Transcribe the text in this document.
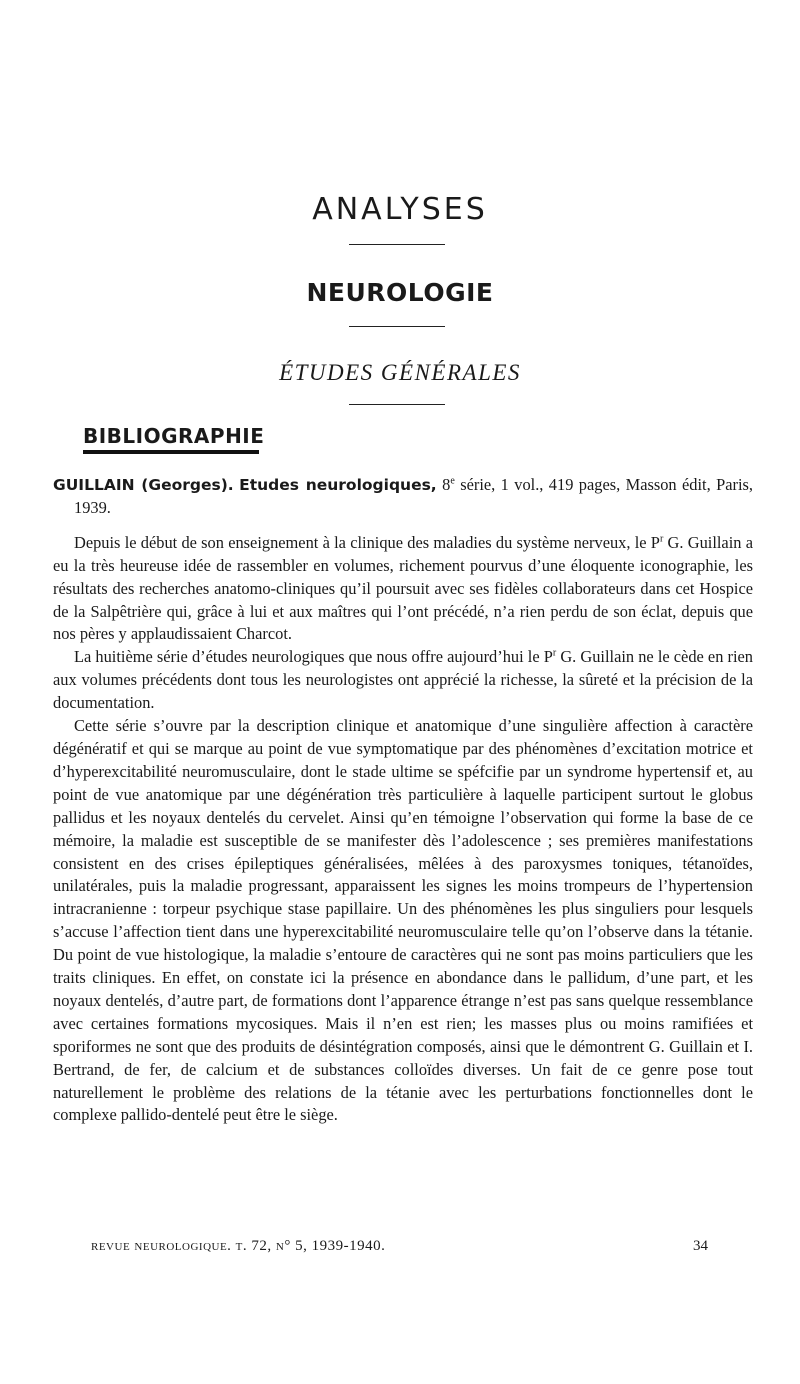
ANALYSES
NEUROLOGIE
ÉTUDES GÉNÉRALES
BIBLIOGRAPHIE

GUILLAIN (Georges). Etudes neurologiques, 8e série, 1 vol., 419 pages, Masson édit, Paris, 1939.

Depuis le début de son enseignement à la clinique des maladies du système nerveux, le $P^r$ G. Guillain a eu la très heureuse idée de rassembler en volumes, richement pourvus d’une éloquente iconographie, les résultats des recherches anatomo-cliniques qu’il poursuit avec ses fidèles collaborateurs dans cet Hospice de la Salpêtrière qui, grâce à lui et aux maîtres qui l’ont précédé, n’a rien perdu de son éclat, depuis que nos pères y applaudissaient Charcot.

La huitième série d’études neurologiques que nous offre aujourd’hui le $P^r$ G. Guillain ne le cède en rien aux volumes précédents dont tous les neurologistes ont apprécié la richesse, la sûreté et la précision de la documentation.

Cette série s’ouvre par la description clinique et anatomique d’une singulière affection à caractère dégénératif et qui se marque au point de vue symptomatique par des phénomènes d’excitation motrice et d’hyperexcitabilité neuromusculaire, dont le stade ultime se spéfcifie par un syndrome hypertensif et, au point de vue anatomique par une dégénération très particulière à laquelle participent surtout le globus pallidus et les noyaux dentelés du cervelet. Ainsi qu’en témoigne l’observation qui forme la base de ce mémoire, la maladie est susceptible de se manifester dès l’adolescence ; ses premières manifestations consistent en des crises épileptiques généralisées, mêlées à des paroxysmes toniques, tétanoïdes, unilatérales, puis la maladie progressant, apparaissent les signes les moins trompeurs de l’hypertension intracranienne : torpeur psychique stase papillaire. Un des phénomènes les plus singuliers pour lesquels s’accuse l’affection tient dans une hyperexcitabilité neuromusculaire telle qu’on l’observe dans la tétanie. Du point de vue histologique, la maladie s’entoure de caractères qui ne sont pas moins particuliers que les traits cliniques. En effet, on constate ici la présence en abondance dans le pallidum, d’une part, et les noyaux dentelés, d’autre part, de formations dont l’apparence étrange n’est pas sans quelque ressemblance avec certaines formations mycosiques. Mais il n’en est rien; les masses plus ou moins ramifiées et sporiformes ne sont que des produits de désintégration composés, ainsi que le démontrent G. Guillain et I. Bertrand, de fer, de calcium et de substances colloïdes diverses. Un fait de ce genre pose tout naturellement le problème des relations de la tétanie avec les perturbations fonctionnelles dont le complexe pallido-dentelé peut être le siège.

revue neurologique. t. 72, n° 5, 1939-1940.	34
